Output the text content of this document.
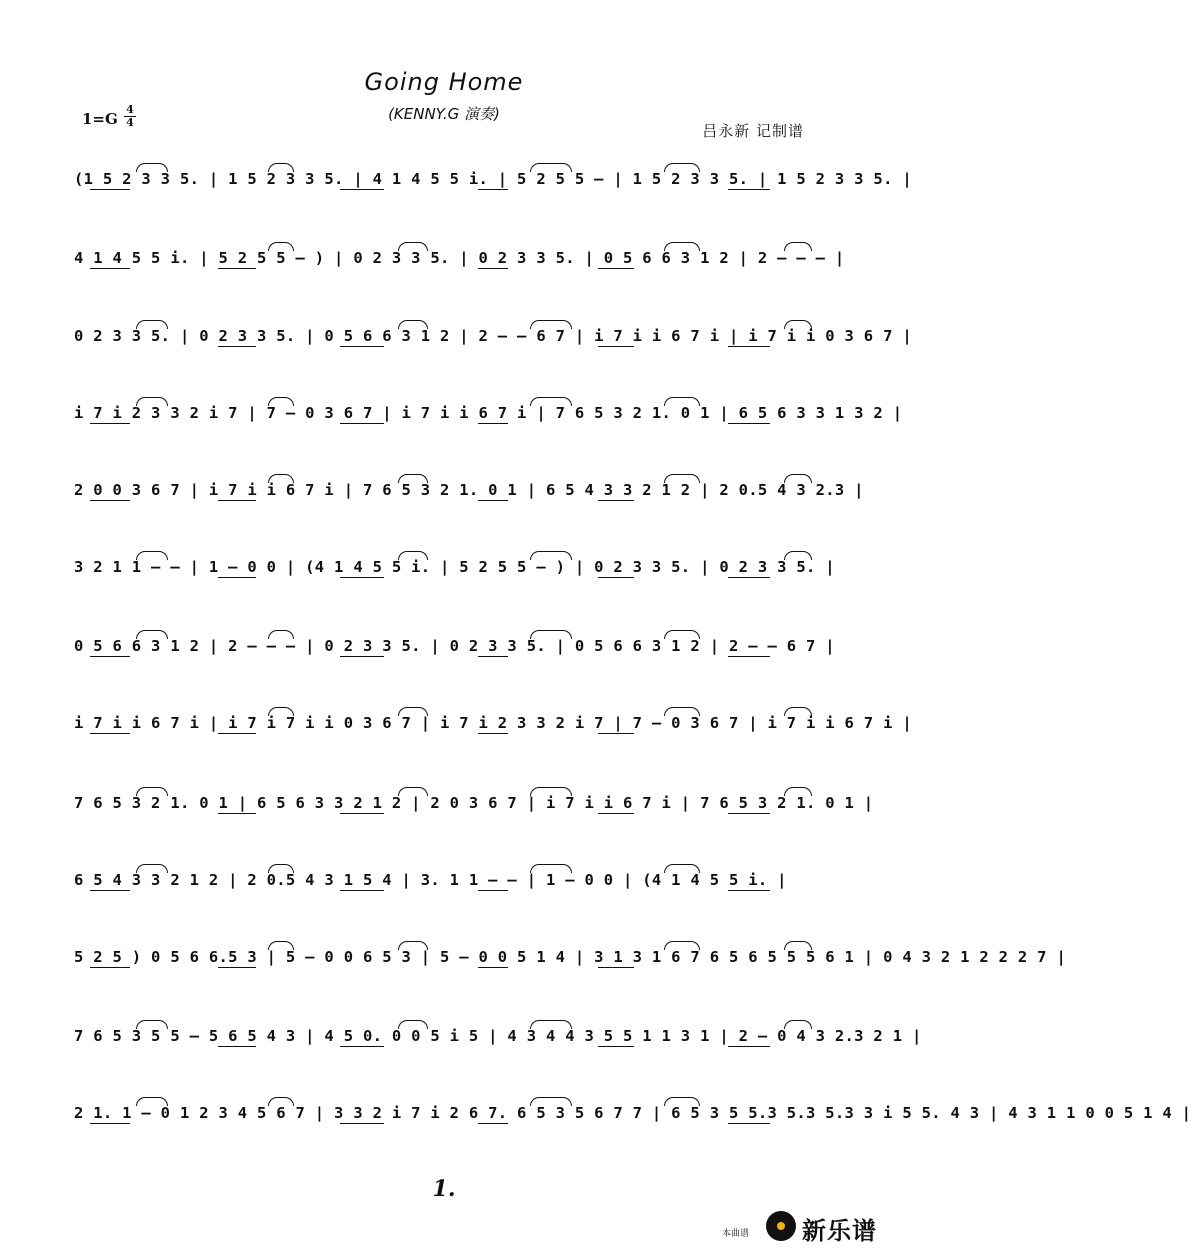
Going Home
(KENNY.G 演奏)
1=G
4
4	吕永新 记制谱
(1 5 2 3 3 5. | 1 5 2 3 3 5. | 4 1 4 5 5 i. | 5 2 5 5 — | 1 5 2 3 3 5. | 1 5 2 3 3 5. |
4 1 4 5 5 i. | 5 2 5 5 — ) | 0 2 3 3 5. | 0 2 3 3 5. | 0 5 6 6 3 1 2 | 2 — — — |
0 2 3 3 5. | 0 2 3 3 5. | 0 5 6 6 3 1 2 | 2 — — 6 7 | i 7 i i 6 7 i | i 7 i i 0 3 6 7 |
i 7 i 2 3 3 2 i 7 | 7 — 0 3 6 7 | i 7 i i 6 7 i | 7 6 5 3 2 1. 0 1 | 6 5 6 3 3 1 3 2 |
2 0 0 3 6 7 | i 7 i i 6 7 i | 7 6 5 3 2 1. 0 1 | 6 5 4 3 3 2 1 2 | 2 0.5 4 3 2.3 |
3 2 1 1 — — | 1 — 0 0 | (4 1 4 5 5 i. | 5 2 5 5 — ) | 0 2 3 3 5. | 0 2 3 3 5. |
0 5 6 6 3 1 2 | 2 — — — | 0 2 3 3 5. | 0 2 3 3 5. | 0 5 6 6 3 1 2 | 2 — — 6 7 |
i 7 i i 6 7 i | i 7 i 7 i i 0 3 6 7 | i 7 i 2 3 3 2 i 7 | 7 — 0 3 6 7 | i 7 i i 6 7 i |
7 6 5 3 2 1. 0 1 | 6 5 6 3 3 2 1 2 | 2 0 3 6 7 | i 7 i i 6 7 i | 7 6 5 3 2 1. 0 1 |
6 5 4 3 3 2 1 2 | 2 0.5 4 3 1 5 4 | 3. 1 1 — — | 1 — 0 0 | (4 1 4 5 5 i. |
5 2 5 ) 0 5 6 6.5 3 | 5 — 0 0 6 5 3 | 5 — 0 0 5 1 4 | 3 1 3 1 6 7 6 5 6 5 5 5 6 1 | 0 4 3 2 1 2 2 2 7 |
7 6 5 3 5 5 — 5 6 5 4 3 | 4 5 0. 0 0 5 i 5 | 4 3 4 4 3 5 5 1 1 3 1 | 2 — 0 4 3 2.3 2 1 |
2 1. 1 — 0 1 2 3 4 5 6 7 | 3 3 2 i 7 i 2 6 7. 6 5 3 5 6 7 7 | 6 5 3 5 5.3 5.3 5.3 3 i 5 5. 4 3 | 4 3 1 1 0 0 5 1 4 |
1.
本曲谱 新乐谱
